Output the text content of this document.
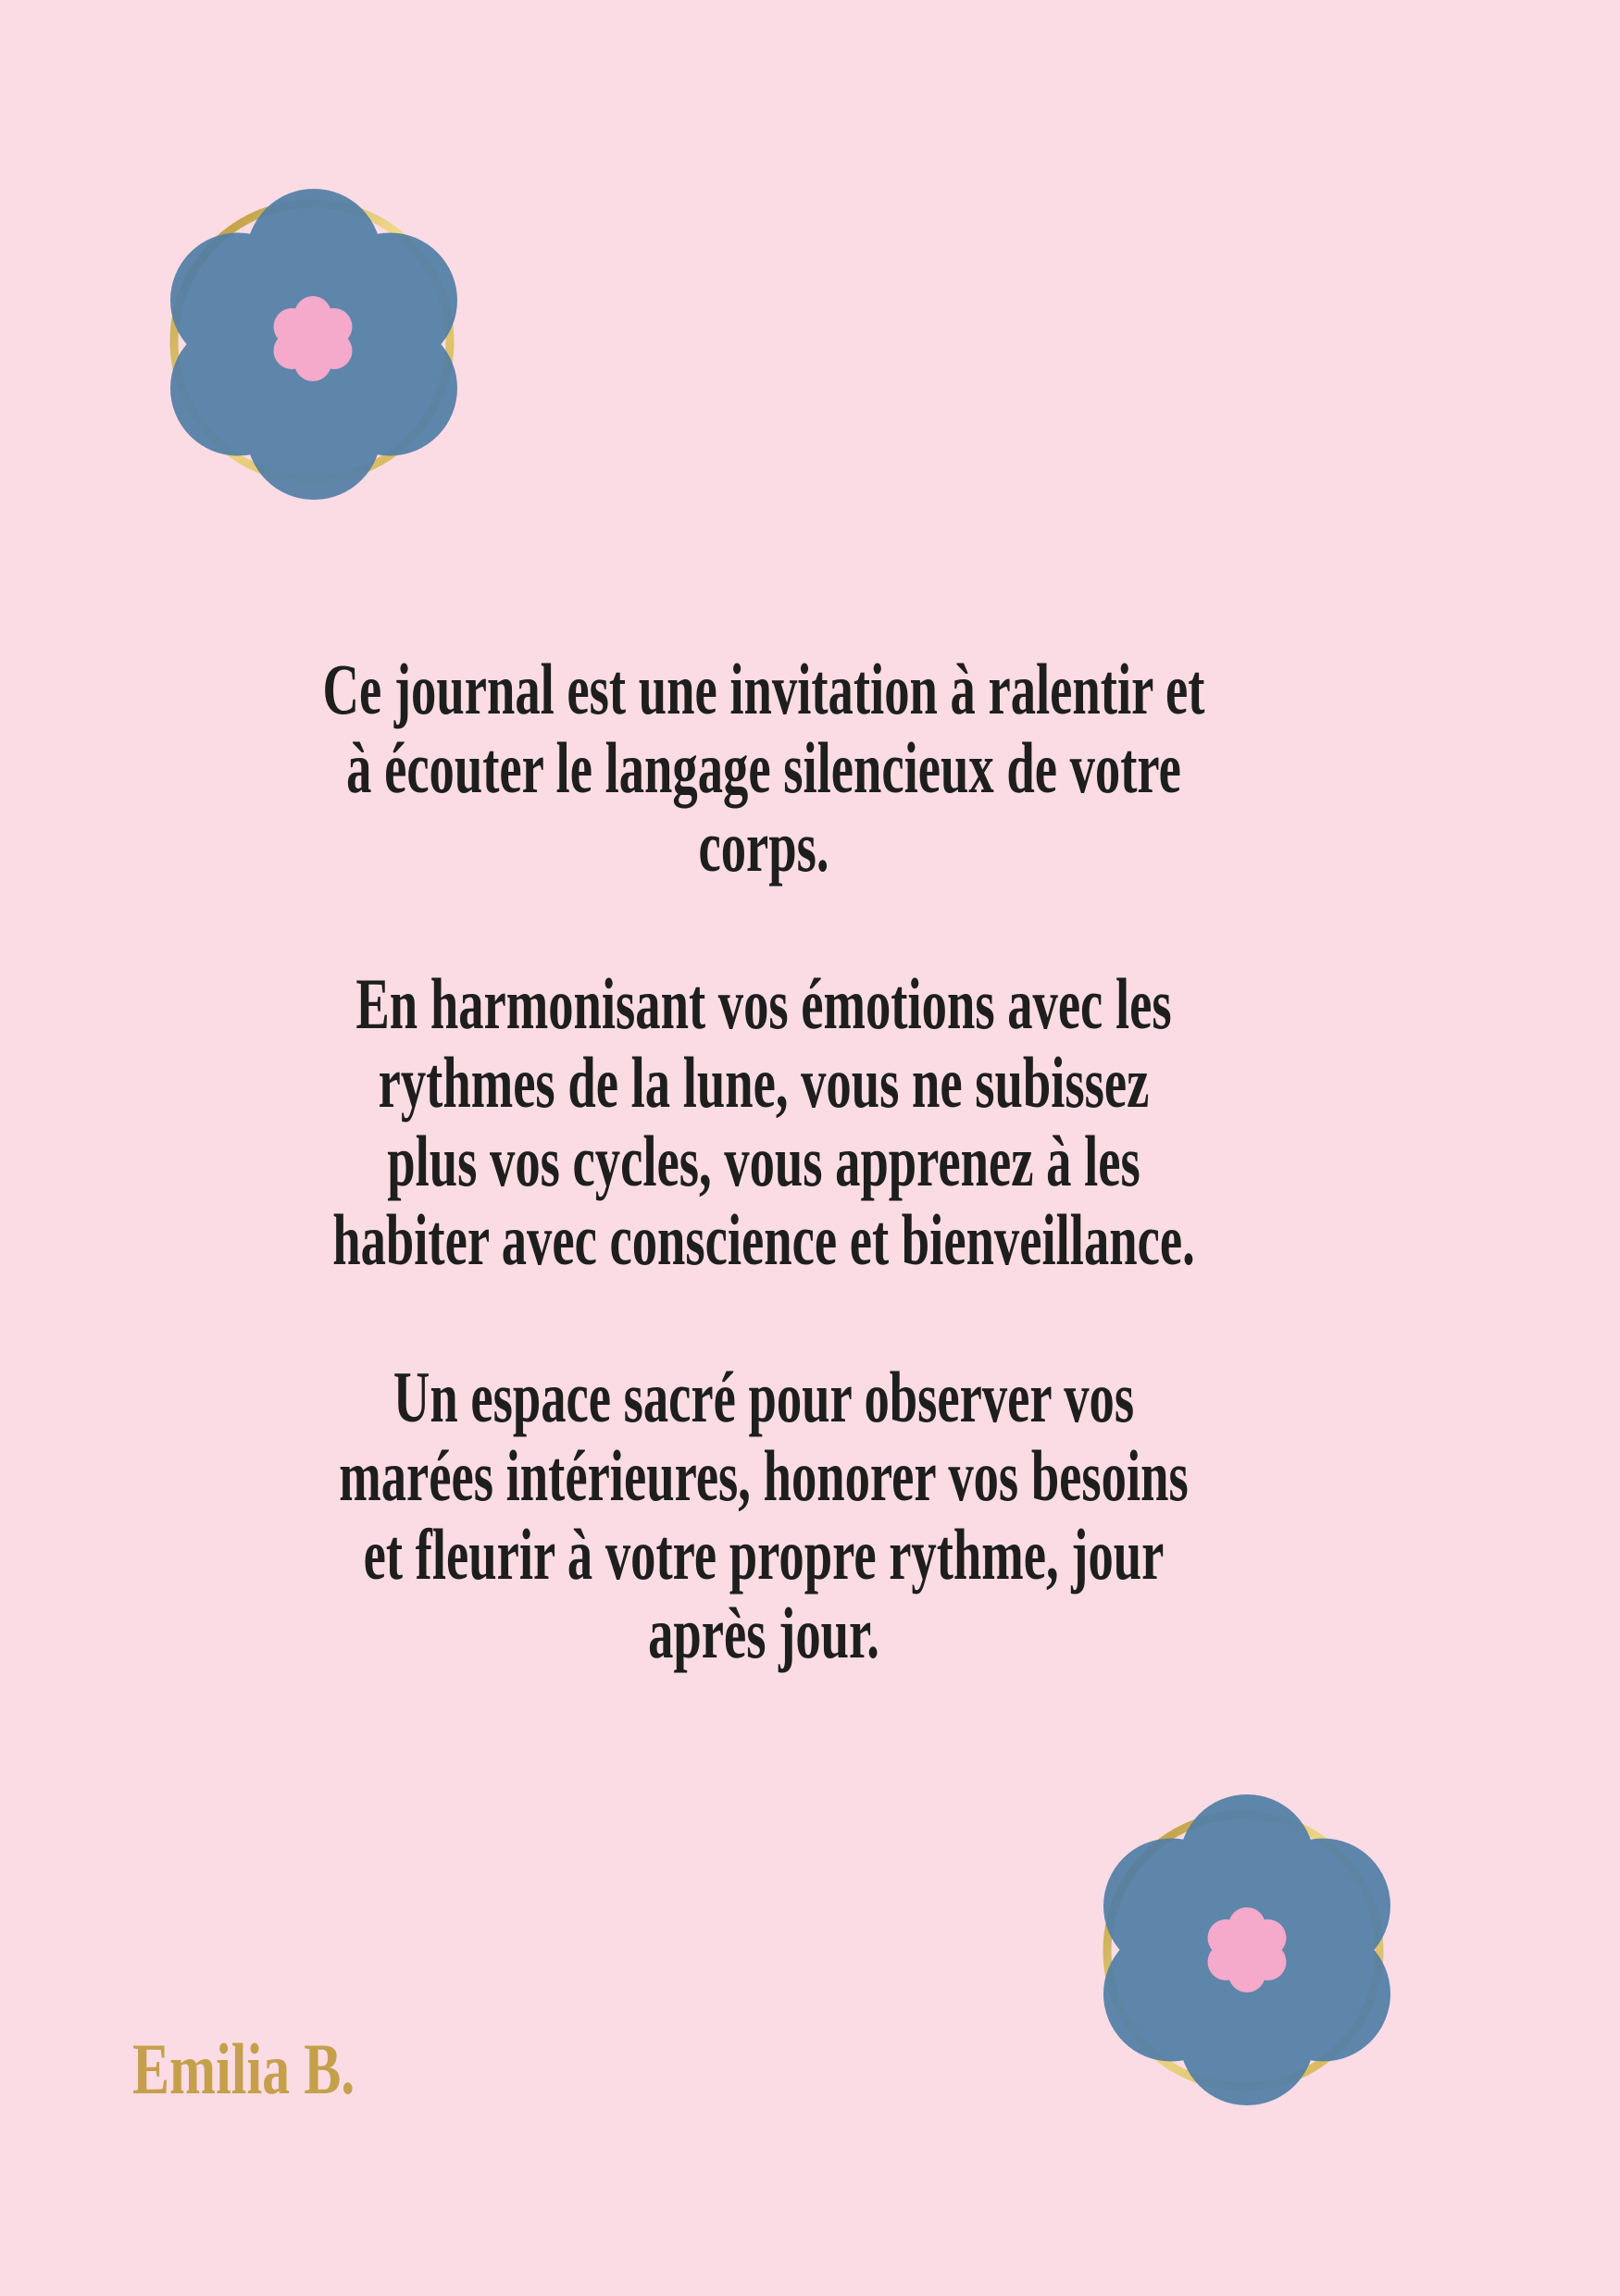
Ce journal est une invitation à ralentir et
à écouter le langage silencieux de votre
corps.

En harmonisant vos émotions avec les
rythmes de la lune, vous ne subissez
plus vos cycles, vous apprenez à les
habiter avec conscience et bienveillance.

Un espace sacré pour observer vos
marées intérieures, honorer vos besoins
et fleurir à votre propre rythme, jour
après jour.

Emilia B.
